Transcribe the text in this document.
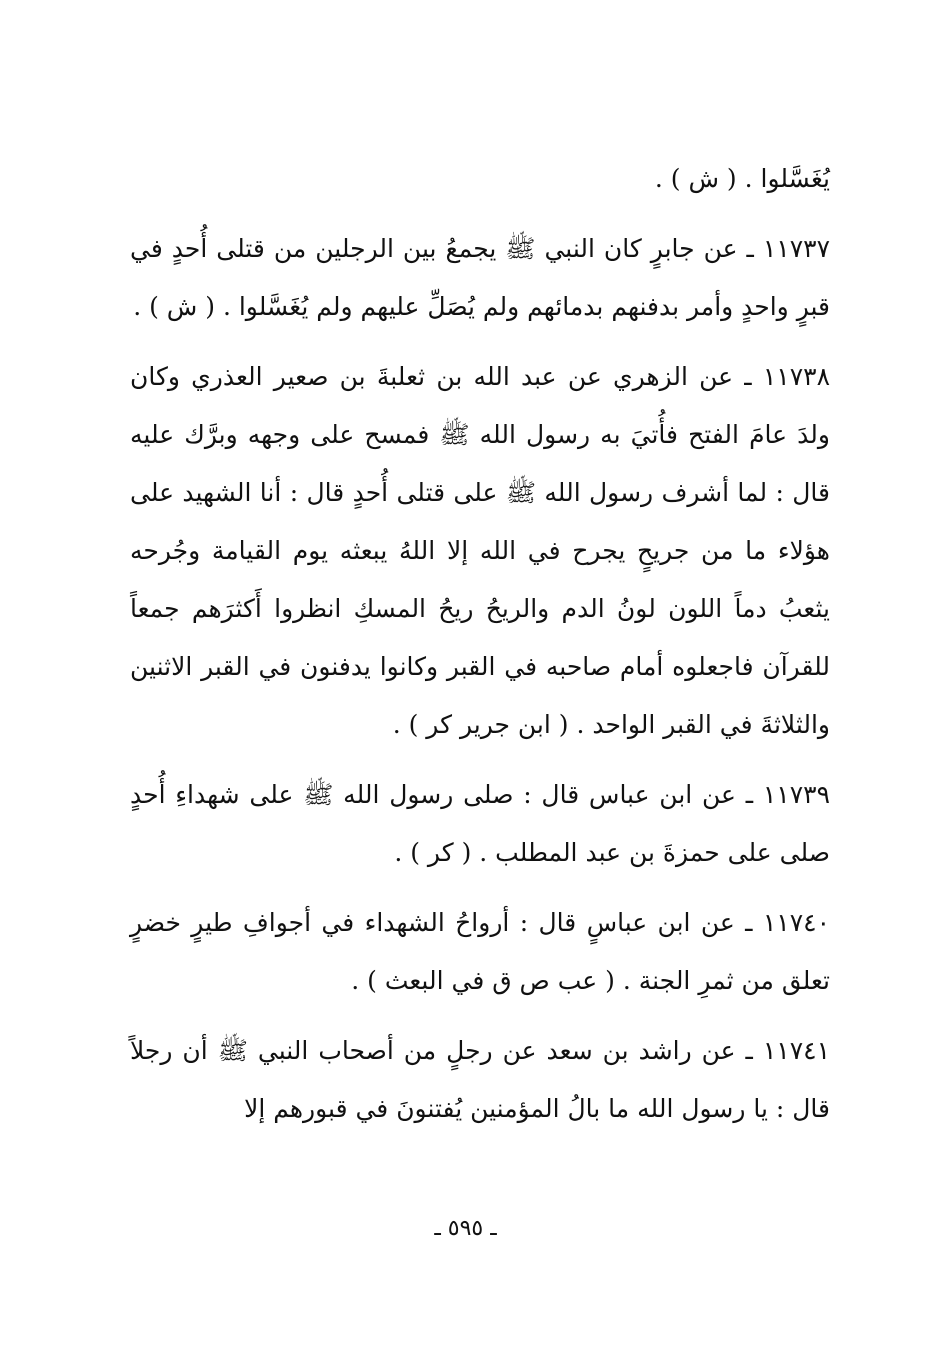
يُغَسَّلوا . ( ش ) .

١١٧٣٧ ـ عن جابرٍ كان النبي ﷺ يجمعُ بين الرجلين من قتلى أُحدٍ في قبرٍ واحدٍ وأمر بدفنهم بدمائهم ولم يُصَلِّ عليهم ولم يُغَسَّلوا . ( ش ) .

١١٧٣٨ ـ عن الزهري عن عبد الله بن ثعلبةَ بن صعير العذري وكان ولدَ عامَ الفتح فأُتيَ به رسول الله ﷺ فمسح على وجهه وبرَّك عليه قال : لما أشرف رسول الله ﷺ على قتلى أُحدٍ قال : أنا الشهيد على هؤلاء ما من جريحٍ يجرح في الله إلا اللهُ يبعثه يوم القيامة وجُرحه يثعبُ دماً اللون لونُ الدم والريحُ ريحُ المسكِ انظروا أَكثرَهم جمعاً للقرآن فاجعلوه أمام صاحبه في القبر وكانوا يدفنون في القبر الاثنين والثلاثةَ في القبر الواحد . ( ابن جرير كر ) .

١١٧٣٩ ـ عن ابن عباس قال : صلى رسول الله ﷺ على شهداءِ أُحدٍ صلى على حمزةَ بن عبد المطلب . ( كر ) .

١١٧٤٠ ـ عن ابن عباسٍ قال : أرواحُ الشهداء في أجوافِ طيرٍ خضرٍ تعلق من ثمرِ الجنة . ( عب ص ق في البعث ) .

١١٧٤١ ـ عن راشد بن سعد عن رجلٍ من أصحاب النبي ﷺ أن رجلاً قال : يا رسول الله ما بالُ المؤمنين يُفتنونَ في قبورهم إلا

ـ ٥٩٥ ـ
